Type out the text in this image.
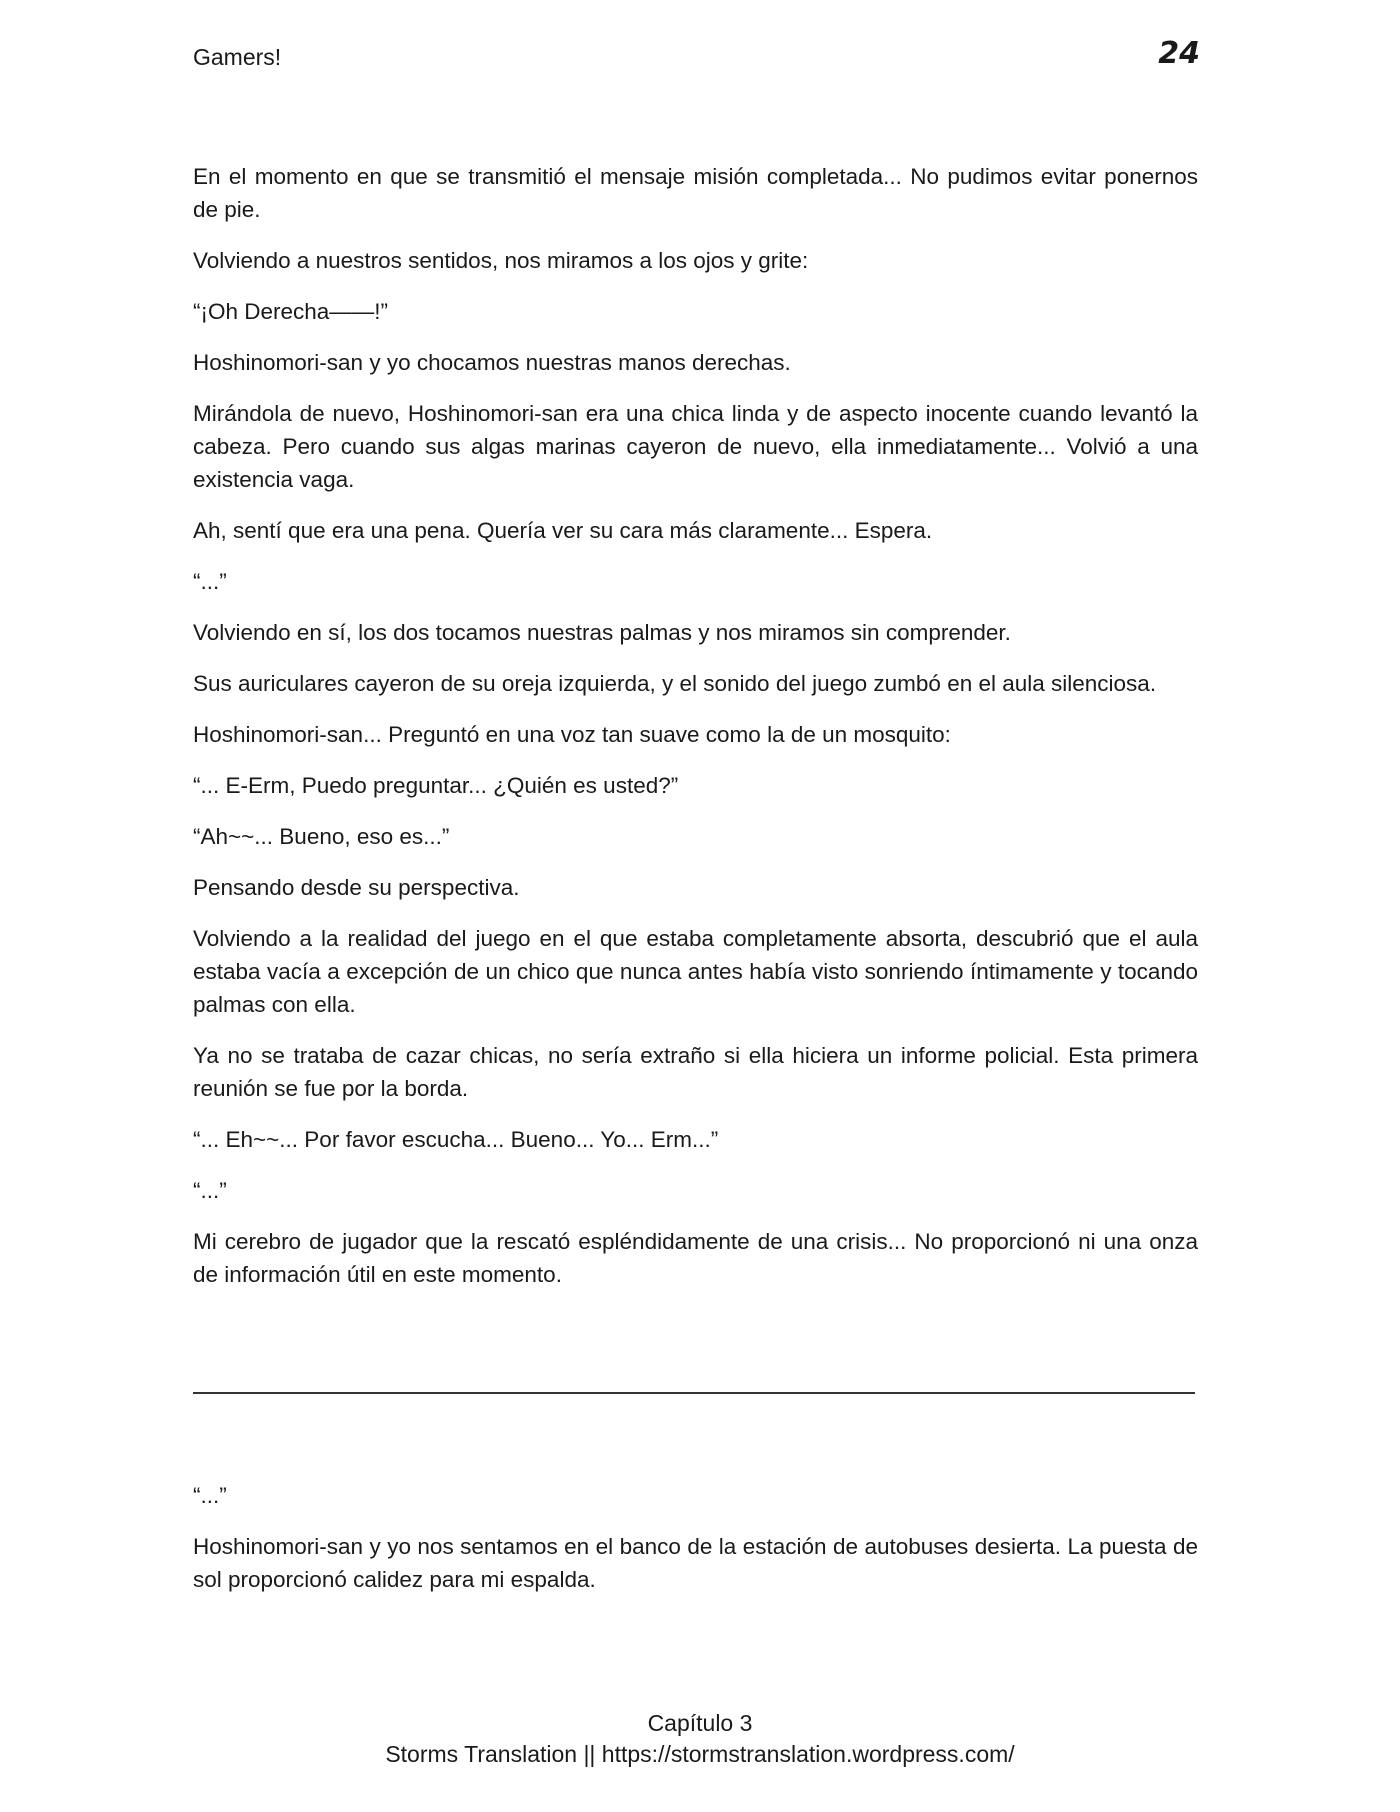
Gamers!	24

En el momento en que se transmitió el mensaje misión completada... No pudimos evitar ponernos de pie.

Volviendo a nuestros sentidos, nos miramos a los ojos y grite:

“¡Oh Derecha——!”

Hoshinomori-san y yo chocamos nuestras manos derechas.

Mirándola de nuevo, Hoshinomori-san era una chica linda y de aspecto inocente cuando levantó la cabeza. Pero cuando sus algas marinas cayeron de nuevo, ella inmediatamente... Volvió a una existencia vaga.

Ah, sentí que era una pena. Quería ver su cara más claramente... Espera.

“...”

Volviendo en sí, los dos tocamos nuestras palmas y nos miramos sin comprender.

Sus auriculares cayeron de su oreja izquierda, y el sonido del juego zumbó en el aula silenciosa.

Hoshinomori-san... Preguntó en una voz tan suave como la de un mosquito:

“... E-Erm, Puedo preguntar... ¿Quién es usted?”

“Ah~~... Bueno, eso es...”

Pensando desde su perspectiva.

Volviendo a la realidad del juego en el que estaba completamente absorta, descubrió que el aula estaba vacía a excepción de un chico que nunca antes había visto sonriendo íntimamente y tocando palmas con ella.

Ya no se trataba de cazar chicas, no sería extraño si ella hiciera un informe policial. Esta primera reunión se fue por la borda.

“... Eh~~... Por favor escucha... Bueno... Yo... Erm...”

“...”

Mi cerebro de jugador que la rescató espléndidamente de una crisis... No proporcionó ni una onza de información útil en este momento.

“...”

Hoshinomori-san y yo nos sentamos en el banco de la estación de autobuses desierta. La puesta de sol proporcionó calidez para mi espalda.

Capítulo 3
Storms Translation || https://stormstranslation.wordpress.com/
